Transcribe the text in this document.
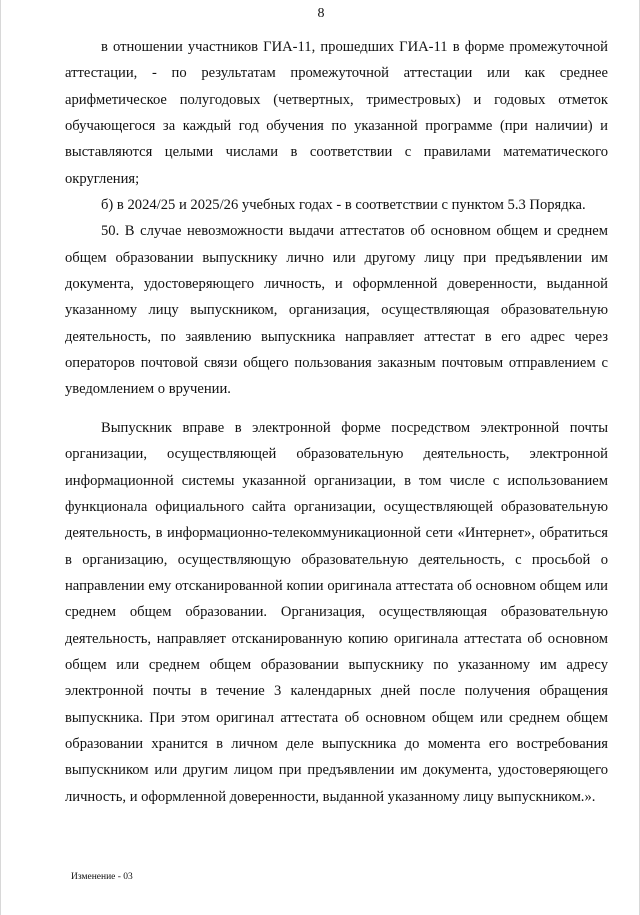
8

в отношении участников ГИА-11, прошедших ГИА-11 в форме промежуточной аттестации, - по результатам промежуточной аттестации или как среднее арифметическое полугодовых (четвертных, триместровых) и годовых отметок обучающегося за каждый год обучения по указанной программе (при наличии) и выставляются целыми числами в соответствии с правилами математического округления;

б) в 2024/25 и 2025/26 учебных годах - в соответствии с пунктом 5.3 Порядка.

50. В случае невозможности выдачи аттестатов об основном общем и среднем общем образовании выпускнику лично или другому лицу при предъявлении им документа, удостоверяющего личность, и оформленной доверенности, выданной указанному лицу выпускником, организация, осуществляющая образовательную деятельность, по заявлению выпускника направляет аттестат в его адрес через операторов почтовой связи общего пользования заказным почтовым отправлением с уведомлением о вручении.

Выпускник вправе в электронной форме посредством электронной почты организации, осуществляющей образовательную деятельность, электронной информационной системы указанной организации, в том числе с использованием функционала официального сайта организации, осуществляющей образовательную деятельность, в информационно-телекоммуникационной сети «Интернет», обратиться в организацию, осуществляющую образовательную деятельность, с просьбой о направлении ему отсканированной копии оригинала аттестата об основном общем или среднем общем образовании. Организация, осуществляющая образовательную деятельность, направляет отсканированную копию оригинала аттестата об основном общем или среднем общем образовании выпускнику по указанному им адресу электронной почты в течение 3 календарных дней после получения обращения выпускника. При этом оригинал аттестата об основном общем или среднем общем образовании хранится в личном деле выпускника до момента его востребования выпускником или другим лицом при предъявлении им документа, удостоверяющего личность, и оформленной доверенности, выданной указанному лицу выпускником.».

Изменение - 03
